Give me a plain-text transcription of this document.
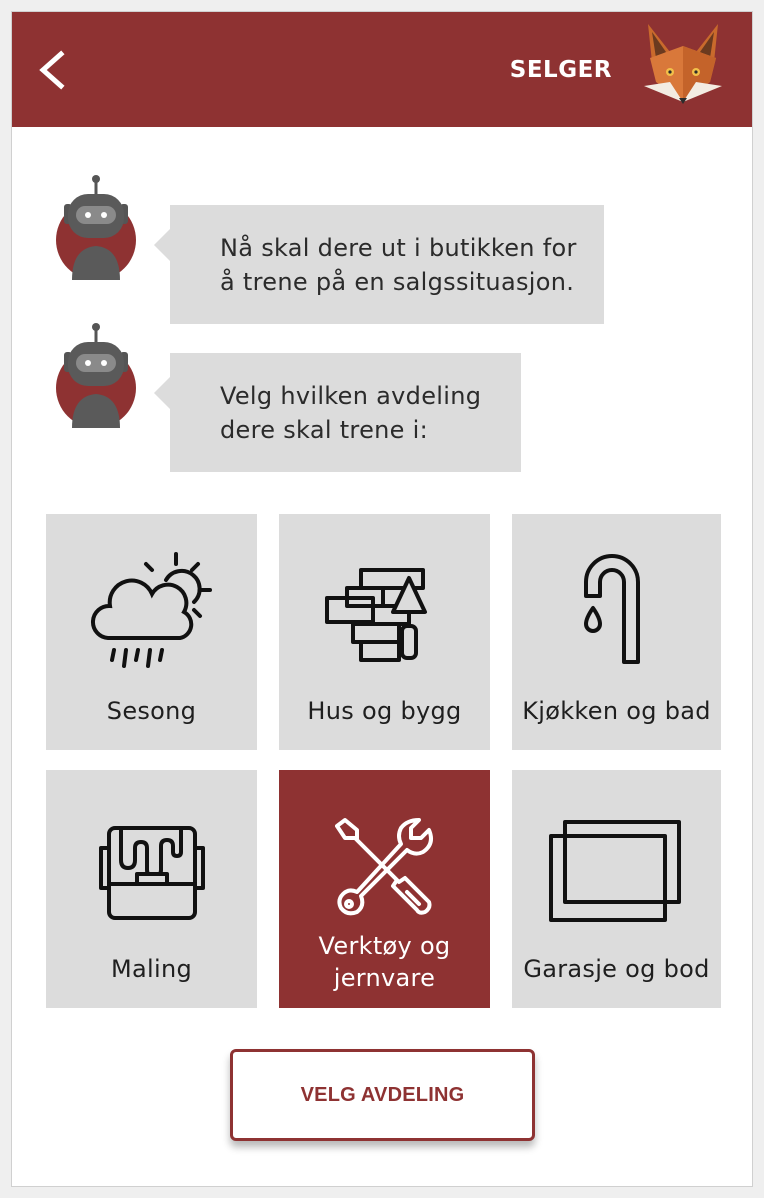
SELGER
Nå skal dere ut i butikken for
å trene på en salgssituasjon.
Velg hvilken avdeling
dere skal trene i:
Sesong	Hus og bygg	Kjøkken og bad
Maling
Verktøy og
jernvare	Garasje og bod
VELG AVDELING
